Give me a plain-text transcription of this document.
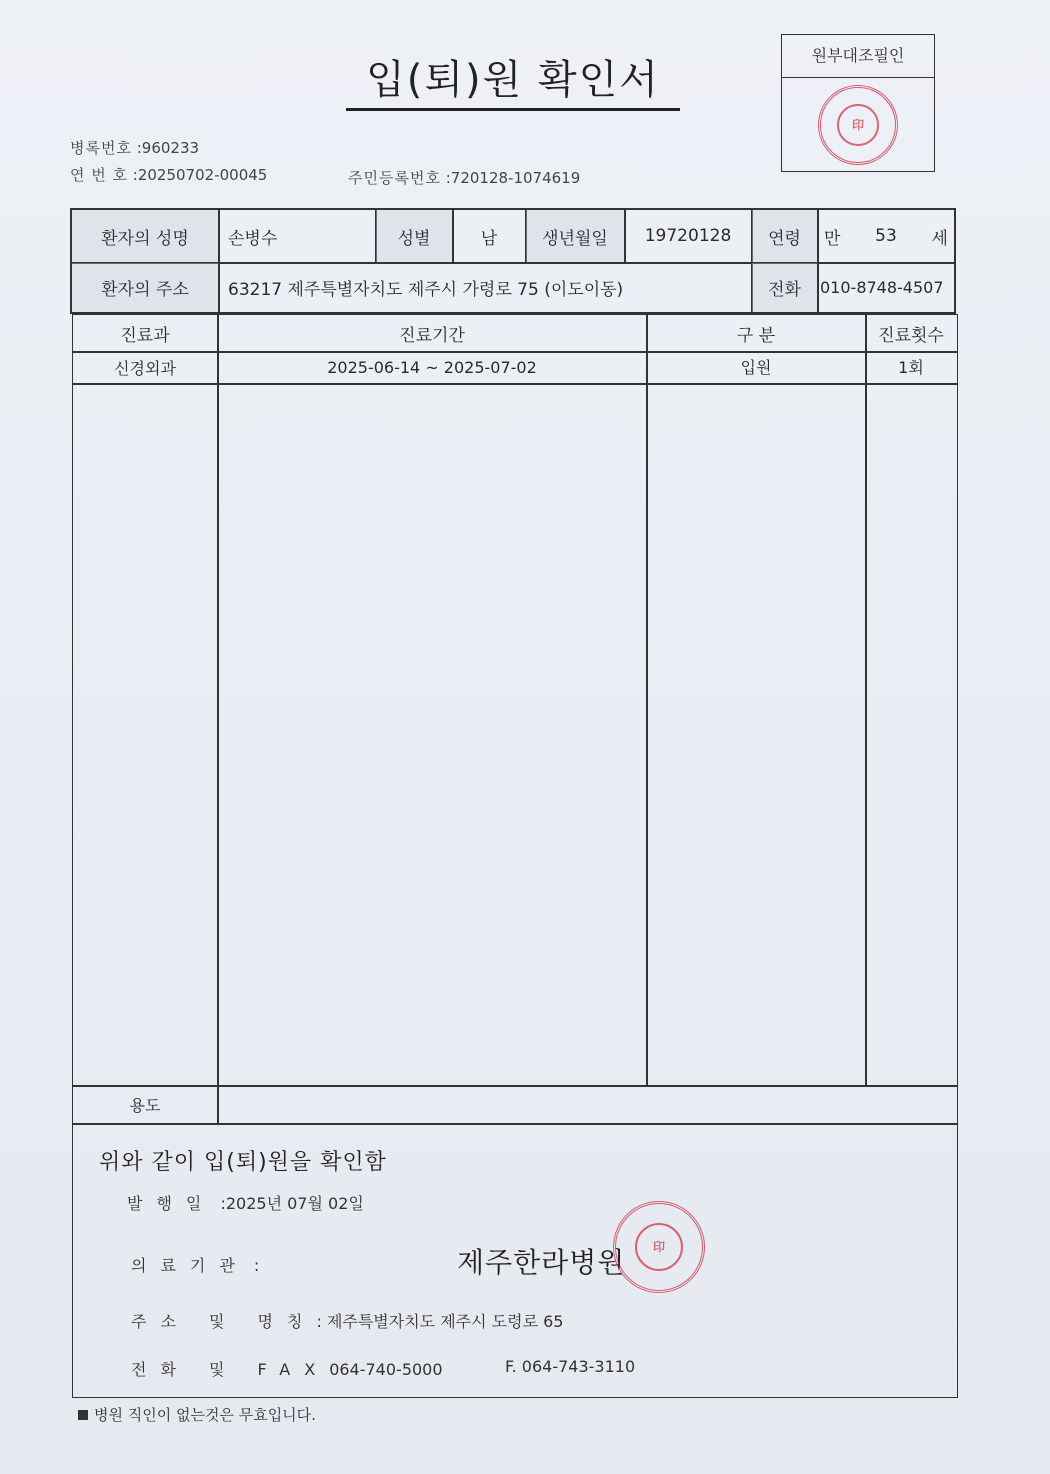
입(퇴)원 확인서
원부대조필인
印
병록번호 :960233
연 번 호 :20250702-00045	주민등록번호 :720128-1074619
환자의 성명	손병수	성별	남	생년월일	19720128	연령	만 53 세
환자의 주소	63217 제주특별자치도 제주시 가령로 75 (이도이동)	전화	010-8748-4507
진료과	진료기간	구 분	진료횟수
신경외과	2025-06-14 ~ 2025-07-02	입원	1회
용도
위와 같이 입(퇴)원을 확인함
발행일 :2025년 07월 02일
의료기관 :	제주한라병원	印
주소 및 명칭: 제주특별자치도 제주시 도령로 65
전화 및 FAX064-740-5000	F. 064-743-3110
병원 직인이 없는것은 무효입니다.
